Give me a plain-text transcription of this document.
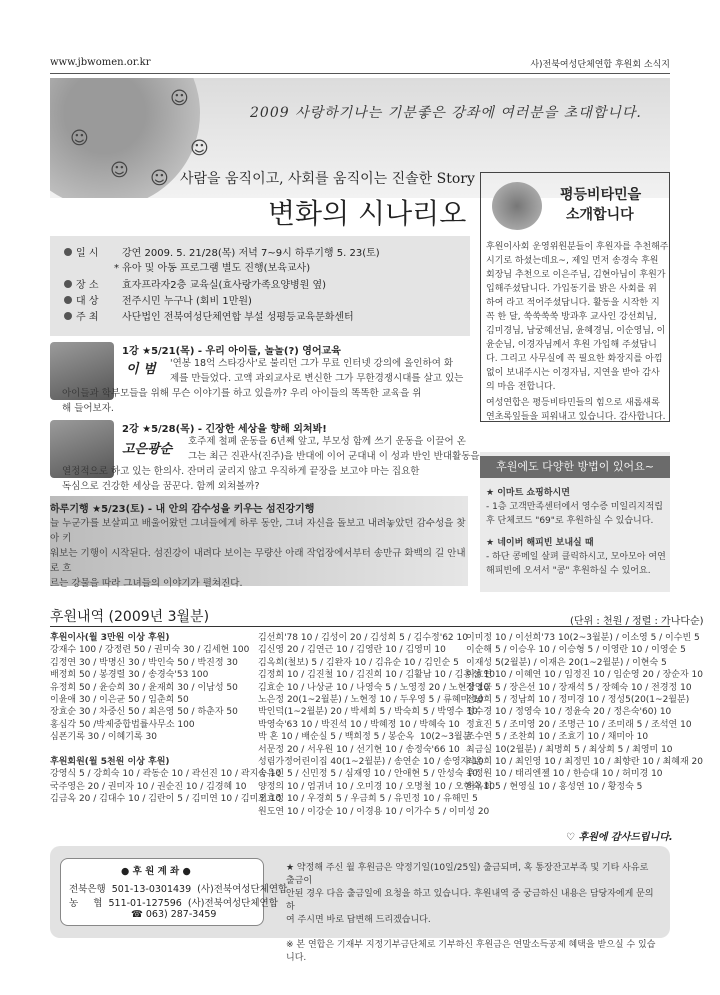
www.jbwomen.or.kr	사)전북여성단체연합 후원회 소식지
☺
☺ ☺
☺
☺
2009 사랑하기나는 기분좋은 강좌에 여러분을 초대합니다.
사람을 움직이고, 사회를 움직이는 진솔한 Story
변화의 시나리오
일 시 강연 2009. 5. 21/28(목) 저녁 7~9시 하루기행 5. 23(토)
* 유아 및 아동 프로그램 별도 진행(보육교사)
장 소 효자프라자2층 교육실(효사랑가족요양병원 옆)
대 상 전주시민 누구나 (회비 1만원)
주 최 사단법인 전북여성단체연합 부설 성평등교육문화센터
1강 ★5/21(목) - 우리 아이들, 놀놀(?) 영어교육
이 범 '연봉 18억 스타강사'로 불리던 그가 무료 인터넷 강의에 올인하여 화
제를 만들었다. 고액 과외교사로 변신한 그가 무한경쟁시대를 살고 있는
아이들과 학부모들을 위해 무슨 이야기를 하고 있을까? 우리 아이들의 똑똑한 교육을 위
해 들어보자.
2강 ★5/28(목) - 긴장한 세상을 향해 외쳐봐!
고은광순
호주제 철폐 운동을 6년째 앞고, 부모성 함께 쓰기 운동을 이끌어 온
그는 최근 진관사(진주)을 반대에 이어 군대내 이 성과 반인 반대활동을
열정적으로 하고 있는 한의사. 잔머리 굴리지 않고 우직하게 끝장을 보고야 마는 집요한
독심으로 건강한 세상을 꿈꾼다. 함께 외쳐볼까?
하루기행 ★5/23(토) - 내 안의 감수성을 키우는 섬진강기행
늘 누군가를 보살피고 배울어왔던 그녀들에게 하루 동안, 그녀 자신을 돌보고 내려놓았던 감수성을 찾아 키
워보는 기행이 시작된다. 섬진강이 내려다 보이는 무량산 아래 작업장에서부터 송만규 화백의 길 안내로 흐
르는 강물을 따라 그녀들의 이야기가 펼쳐진다.
평등비타민을
소개합니다
후원이사회 운영위원분들이 후원자를 추천해주
시기로 하셨는데요~, 제일 먼저 송경숙 후원
회장님 추천으로 이은주님, 김현아님이 후원가
입해주셨답니다. 가입동기를 밝은 사회를 위
하여 라고 적어주셨답니다. 활동을 시작한 지
꼭 한 달, 쑥쑥쑥쑥 방과후 교사인 강선희님,
김미경님, 남궁혜선님, 윤혜경님, 이순영님, 이
윤순님, 이경자님께서 후원 가입해 주셨답니
다. 그리고 사무실에 꼭 필요한 화장지를 아낌
없이 보내주시는 이경자님, 지연을 받아 감사
의 마음 전합니다.
여성연합은 평등비타민들의 힘으로 새롭새록
연초록잎들을 피워내고 있습니다. 감사합니다.
후원에도 다양한 방법이 있어요~
★ 이마트 쇼핑하시면
- 1층 고객만족센터에서 영수증 미일리지적립
후 단체코드 "69"로 후원하실 수 있습니다.
★ 네이버 해피빈 보내실 때
- 하단 콩메일 살펴 클릭하시고, 모아모아 여연
해피빈에 오셔서 "콩" 후원하실 수 있어요.
후원내역 (2009년 3월분)	(단위 : 천원 / 정렬 : 가나다순)
후원이사(월 3만원 이상 후원)
강재수 100 / 강정련 50 / 권미숙 30 / 김세현 100
김정연 30 / 박명신 30 / 박인숙 50 / 박진정 30
배정희 50 / 봉경렬 30 / 송경숙'53 100
유정희 50 / 윤승희 30 / 윤재희 30 / 이남성 50
이윤애 30 / 이은균 50 / 임춘희 50
장효순 30 / 차중신 50 / 최은영 50 / 하춘자 50
홍심각 50 /박제중합법률사무소 100
심폰기록 30 / 이혜기록 30

후원회원(월 5천원 이상 후원)
강영식 5 / 강희숙 10 / 곽동순 10 / 곽선진 10 / 곽지숙 10
국주영은 20 / 권미자 10 / 권순진 10 / 김경혜 10
김금옥 20 / 김대수 10 / 김란이 5 / 김미연 10 / 김미진 10
김선희'78 10 / 김성이 20 / 김성희 5 / 김수정'62 10
김신영 20 / 김연근 10 / 김영란 10 / 김영미 10
김옥희(철보) 5 / 김완자 10 / 김유순 10 / 김인순 5
김정희 10 / 김진철 10 / 김진희 10 / 김활남 10 / 김홍선 10
김효순 10 / 나상균 10 / 나영숙 5 / 노영정 20 / 노현정 10
노은정 20(1~2월분) / 노현정 10 / 두우영 5 / 류혜미 10
박인덕(1~2월분) 20 / 박세희 5 / 박숙희 5 / 박영수 10
박영숙'63 10 / 박진석 10 / 박혜정 10 / 박혜숙 10
박 혼 10 / 배순실 5 / 백희정 5 / 봉순옥  10(2~3월분
서문정 20 / 서우원 10 / 선기현 10 / 송정숙'66 10
성림가정어린이집 40(1~2월분) / 송연순 10 / 송영자 10
송유진 5 / 신민정 5 / 심재영 10 / 안애현 5 / 안성숙 10
양정의 10 / 엄귀녀 10 / 오미경 10 / 오명철 10 / 오현숙 10
오효정 10 / 우경희 5 / 우금희 5 / 유민정 10 / 유해민 5
원도연 10 / 이강순 10 / 이경용 10 / 이가수 5 / 이미성 20
이미정 10 / 이선희'73 10(2~3월분) / 이소영 5 / 이수빈 5
이순해 5 / 이승우 10 / 이승형 5 / 이영란 10 / 이영순 5
이재성 5(2월분) / 이재은 20(1~2월분) / 이현숙 5
이효연 10 / 이혜연 10 / 임정진 10 / 임순영 20 / 장순자 10
장영금 5 / 장은선 10 / 장재석 5 / 장혜숙 10 / 전경정 10
전남희 5 / 정남희 10 / 정미경 10 / 정성5(20(1~2월분)
정수경 10 / 정영숙 10 / 정윤숙 20 / 정은숙'60) 10
정효진 5 / 조미영 20 / 조명근 10 / 조미래 5 / 조석연 10
조수연 5 / 조찬희 10 / 조효기 10 / 채미아 10
최금실 10(2월분) / 최명희 5 / 최상희 5 / 최영미 10
최은희 10 / 최인영 10 / 최정민 10 / 최향란 10 / 최혜재 20
추정원 10 / 태리엔젤 10 / 한승대 10 / 허미경 10
허옥희 5 / 현영실 10 / 홍성연 10 / 황정숙 5
♡ 후원에 감사드립니다.
● 후 원 계 좌 ●
전북은행  501-13-0301439  (사)전북여성단체연합
농     협  511-01-127596  (사)전북여성단체연합
☎ 063) 287-3459
★ 약정해 주신 월 후원금은 약정기일(10일/25일) 출금되며, 혹 통장잔고부족 및 기타 사유로 출금이
안된 경우 다음 출금일에 요청을 하고 있습니다. 후원내역 중 궁금하신 내용은 담당자에게 문의하
여 주시면 바로 답변해 드리겠습니다.
※ 본 연합은 기재부 지정기부금단체로 기부하신 후원금은 연말소득공제 혜택을 받으실 수 있습니다.
